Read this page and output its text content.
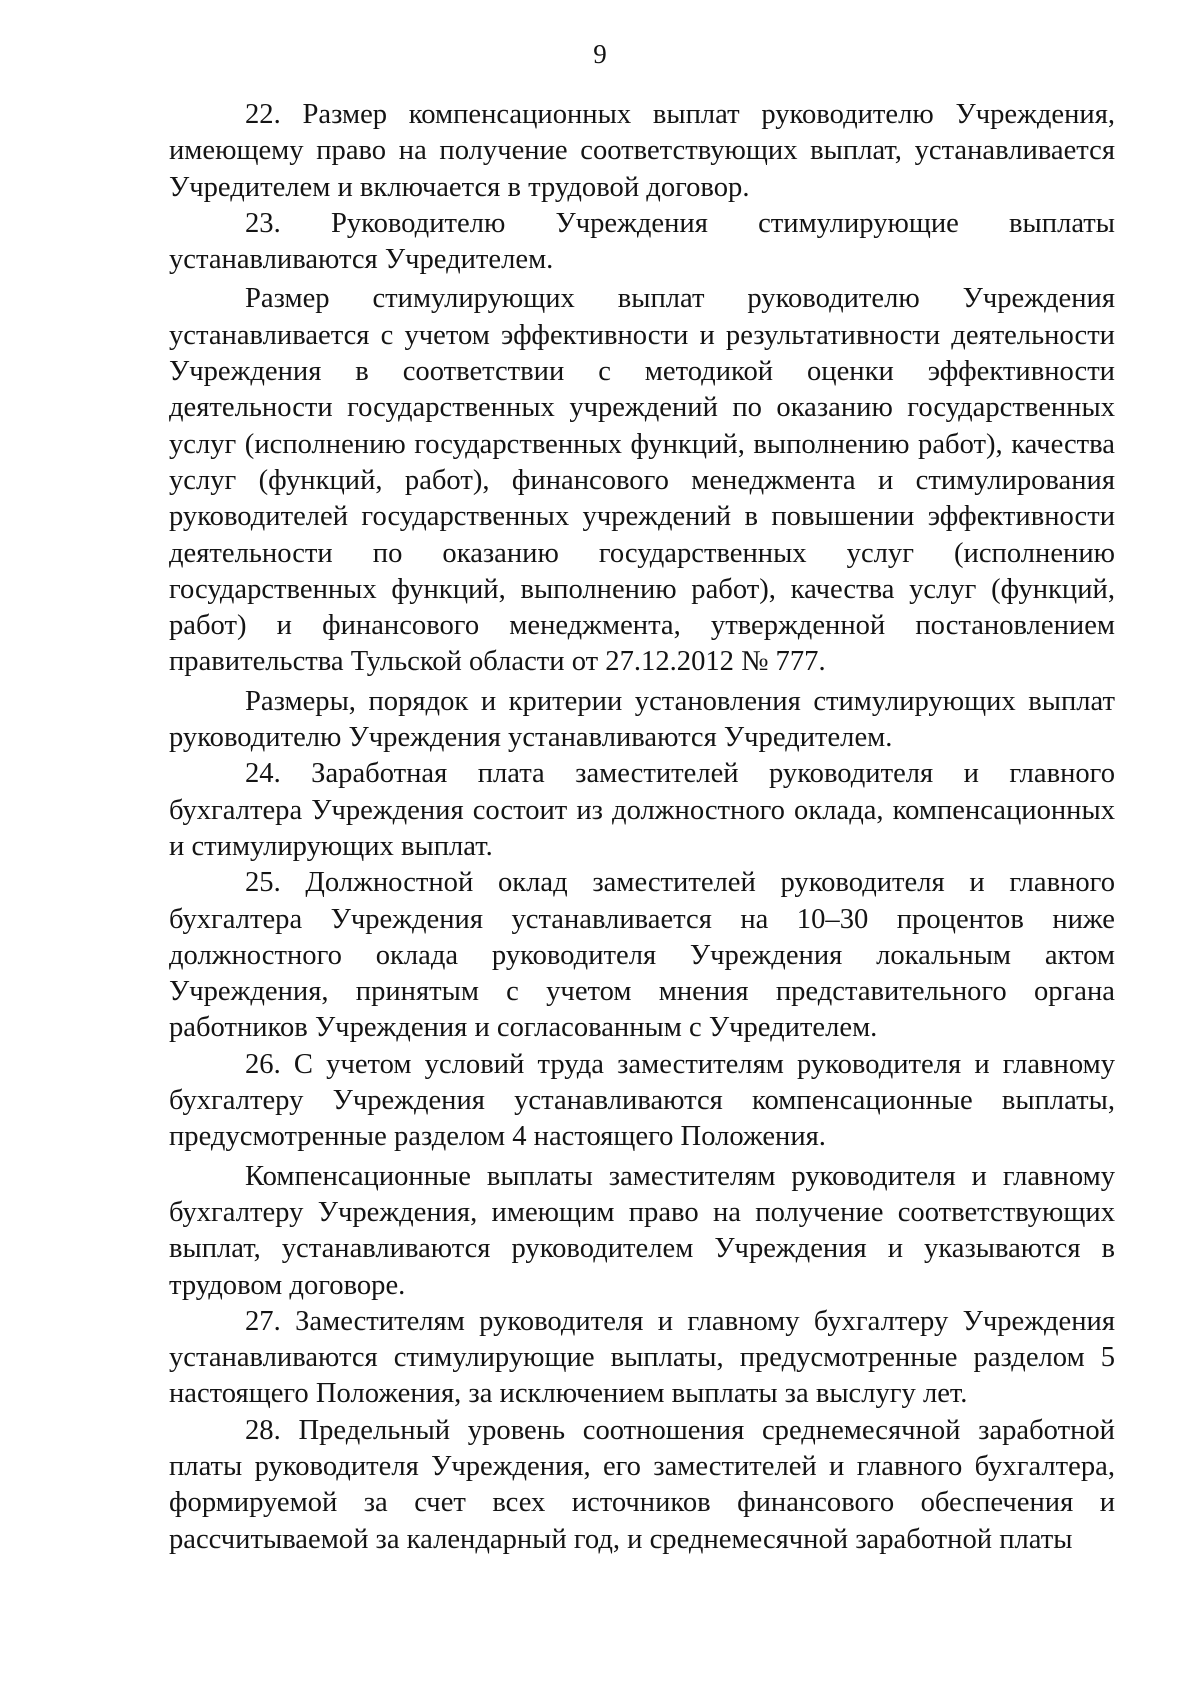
9

22. Размер компенсационных выплат руководителю Учреждения, имеющему право на получение соответствующих выплат, устанавливается Учредителем и включается в трудовой договор.

23. Руководителю Учреждения стимулирующие выплаты устанавливаются Учредителем.

Размер стимулирующих выплат руководителю Учреждения устанавливается с учетом эффективности и результативности деятельности Учреждения в соответствии с методикой оценки эффективности деятельности государственных учреждений по оказанию государственных услуг (исполнению государственных функций, выполнению работ), качества услуг (функций, работ), финансового менеджмента и стимулирования руководителей государственных учреждений в повышении эффективности деятельности по оказанию государственных услуг (исполнению государственных функций, выполнению работ), качества услуг (функций, работ) и финансового менеджмента, утвержденной постановлением правительства Тульской области от 27.12.2012 № 777.

Размеры, порядок и критерии установления стимулирующих выплат руководителю Учреждения устанавливаются Учредителем.

24. Заработная плата заместителей руководителя и главного бухгалтера Учреждения состоит из должностного оклада, компенсационных и стимулирующих выплат.

25. Должностной оклад заместителей руководителя и главного бухгалтера Учреждения устанавливается на 10–30 процентов ниже должностного оклада руководителя Учреждения локальным актом Учреждения, принятым с учетом мнения представительного органа работников Учреждения и согласованным с Учредителем.

26. С учетом условий труда заместителям руководителя и главному бухгалтеру Учреждения устанавливаются компенсационные выплаты, предусмотренные разделом 4 настоящего Положения.

Компенсационные выплаты заместителям руководителя и главному бухгалтеру Учреждения, имеющим право на получение соответствующих выплат, устанавливаются руководителем Учреждения и указываются в трудовом договоре.

27. Заместителям руководителя и главному бухгалтеру Учреждения устанавливаются стимулирующие выплаты, предусмотренные разделом 5 настоящего Положения, за исключением выплаты за выслугу лет.

28. Предельный уровень соотношения среднемесячной заработной платы руководителя Учреждения, его заместителей и главного бухгалтера, формируемой за счет всех источников финансового обеспечения и рассчитываемой за календарный год, и среднемесячной заработной платы
